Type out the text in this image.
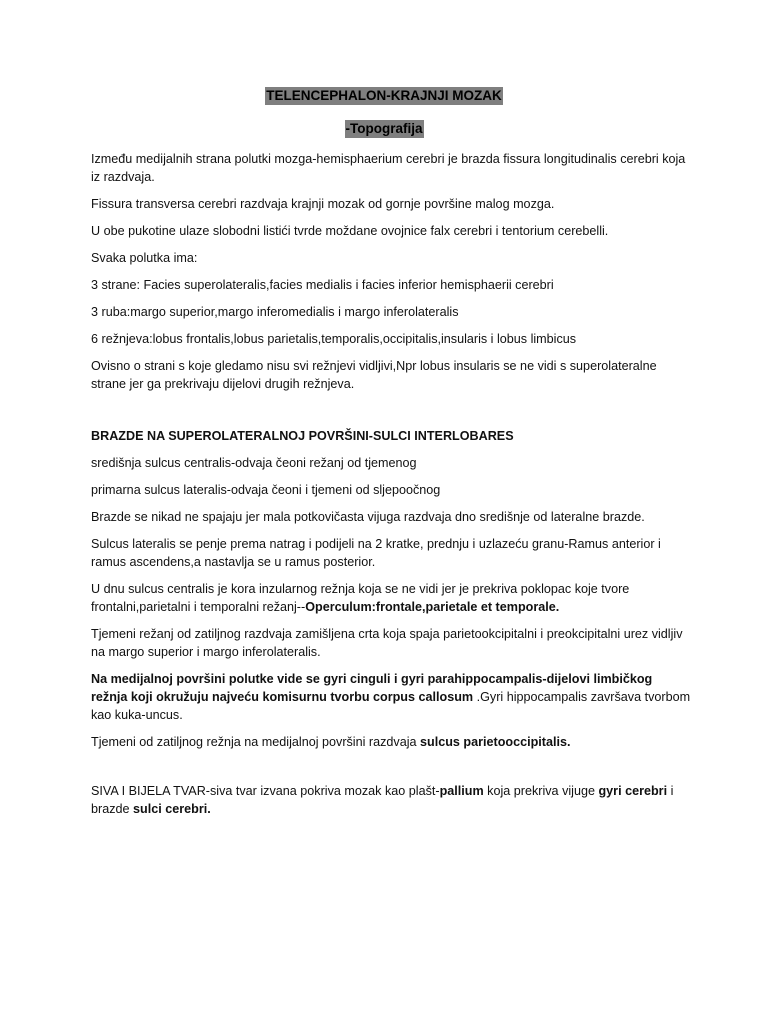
TELENCEPHALON-KRAJNJI MOZAK
-Topografija

Između medijalnih strana polutki mozga-hemisphaerium cerebri je brazda fissura longitudinalis cerebri koja iz razdvaja.

Fissura transversa cerebri razdvaja krajnji mozak od gornje površine malog mozga.

U obe pukotine ulaze slobodni listići tvrde moždane ovojnice falx cerebri i tentorium cerebelli.

Svaka polutka ima:

3 strane: Facies superolateralis,facies medialis i facies inferior hemisphaerii cerebri

3 ruba:margo superior,margo inferomedialis i margo inferolateralis

6 režnjeva:lobus frontalis,lobus parietalis,temporalis,occipitalis,insularis i lobus limbicus

Ovisno o strani s koje gledamo nisu svi režnjevi vidljivi,Npr lobus insularis se ne vidi s superolateralne strane jer ga prekrivaju dijelovi drugih režnjeva.

BRAZDE NA SUPEROLATERALNOJ POVRŠINI-SULCI INTERLOBARES

središnja sulcus centralis-odvaja čeoni režanj od tjemenog

primarna sulcus lateralis-odvaja čeoni i tjemeni od sljepoočnog

Brazde se nikad ne spajaju jer mala potkovičasta vijuga razdvaja dno središnje od lateralne brazde.

Sulcus lateralis se penje prema natrag i podijeli na 2 kratke, prednju i uzlazeću granu-Ramus anterior i ramus ascendens,a nastavlja se u ramus posterior.

U dnu sulcus centralis je kora inzularnog režnja koja se ne vidi jer je prekriva poklopac koje tvore frontalni,parietalni i temporalni režanj--Operculum:frontale,parietale et temporale.

Tjemeni režanj od zatiljnog razdvaja zamišljena crta koja spaja parietookcipitalni i preokcipitalni urez vidljiv na margo superior i margo inferolateralis.

Na medijalnoj površini polutke vide se gyri cinguli i gyri parahippocampalis-dijelovi limbičkog režnja koji okružuju najveću komisurnu tvorbu corpus callosum .Gyri hippocampalis završava tvorbom kao kuka-uncus.

Tjemeni od zatiljnog režnja na medijalnoj površini razdvaja sulcus parietooccipitalis.

SIVA I BIJELA TVAR-siva tvar izvana pokriva mozak kao plašt-pallium koja prekriva vijuge gyri cerebri i brazde sulci cerebri.
